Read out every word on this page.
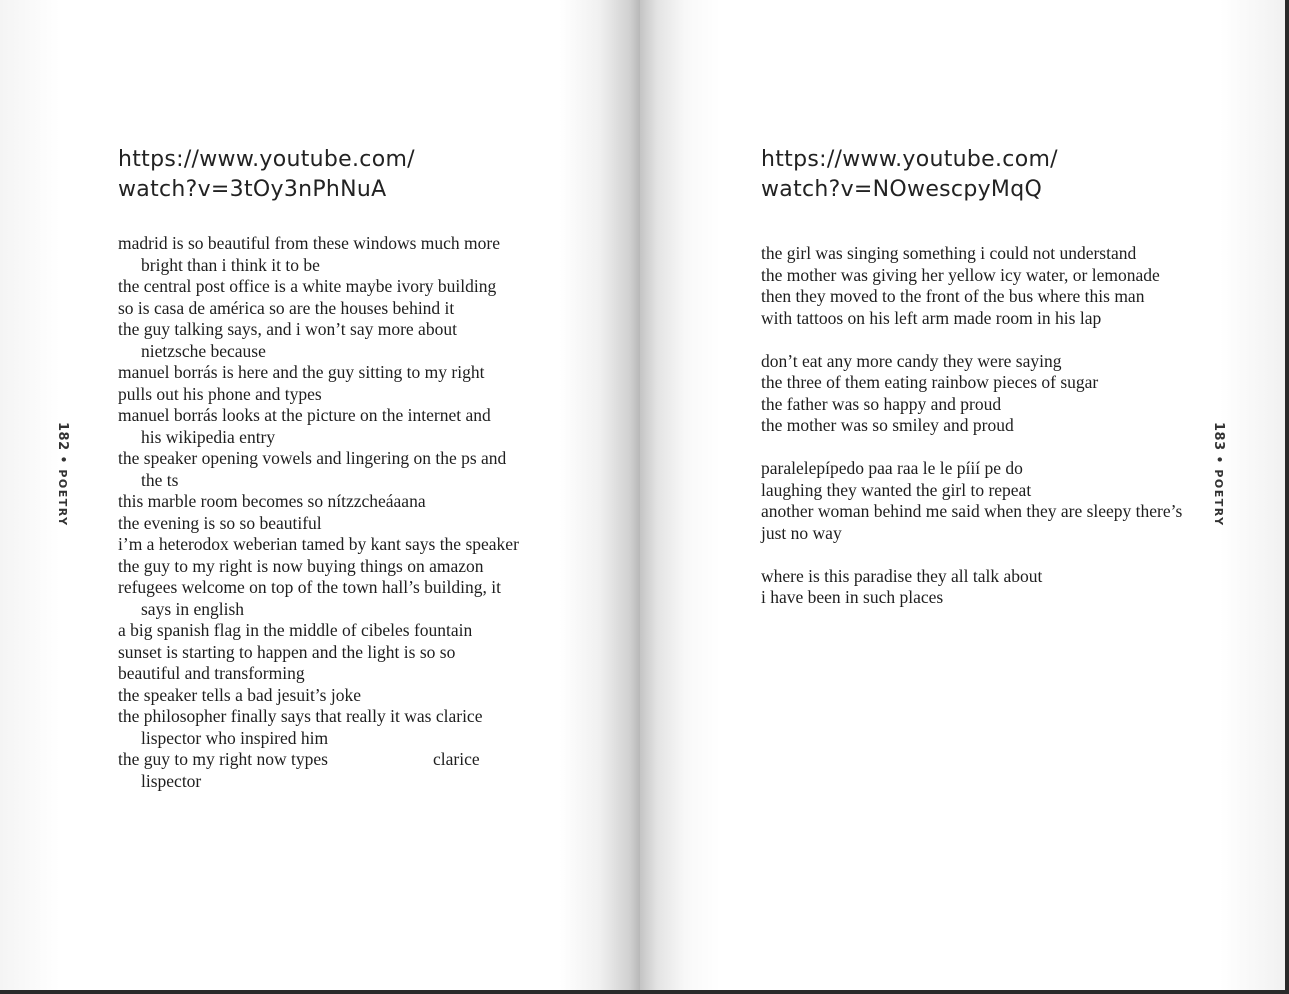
https://www.youtube.com/
watch?v=3tOy3nPhNuA
madrid is so beautiful from these windows much more
bright than i think it to be
the central post office is a white maybe ivory building
so is casa de américa so are the houses behind it
the guy talking says, and i won’t say more about
nietzsche because
manuel borrás is here and the guy sitting to my right
pulls out his phone and types
manuel borrás looks at the picture on the internet and
his wikipedia entry
the speaker opening vowels and lingering on the ps and
the ts
this marble room becomes so nítzzcheáaana
the evening is so so beautiful
i’m a heterodox weberian tamed by kant says the speaker
the guy to my right is now buying things on amazon
refugees welcome on top of the town hall’s building, it
says in english
a big spanish flag in the middle of cibeles fountain
sunset is starting to happen and the light is so so
beautiful and transforming
the speaker tells a bad jesuit’s joke
the philosopher finally says that really it was clarice
lispector who inspired him
the guy to my right now types                        clarice
lispector
182•POETRY
https://www.youtube.com/
watch?v=NOwescpyMqQ
the girl was singing something i could not understand
the mother was giving her yellow icy water, or lemonade
then they moved to the front of the bus where this man
with tattoos on his left arm made room in his lap
don’t eat any more candy they were saying
the three of them eating rainbow pieces of sugar
the father was so happy and proud
the mother was so smiley and proud
paralelepípedo paa raa le le píií pe do
laughing they wanted the girl to repeat
another woman behind me said when they are sleepy there’s
just no way
where is this paradise they all talk about
i have been in such places
183•POETRY
